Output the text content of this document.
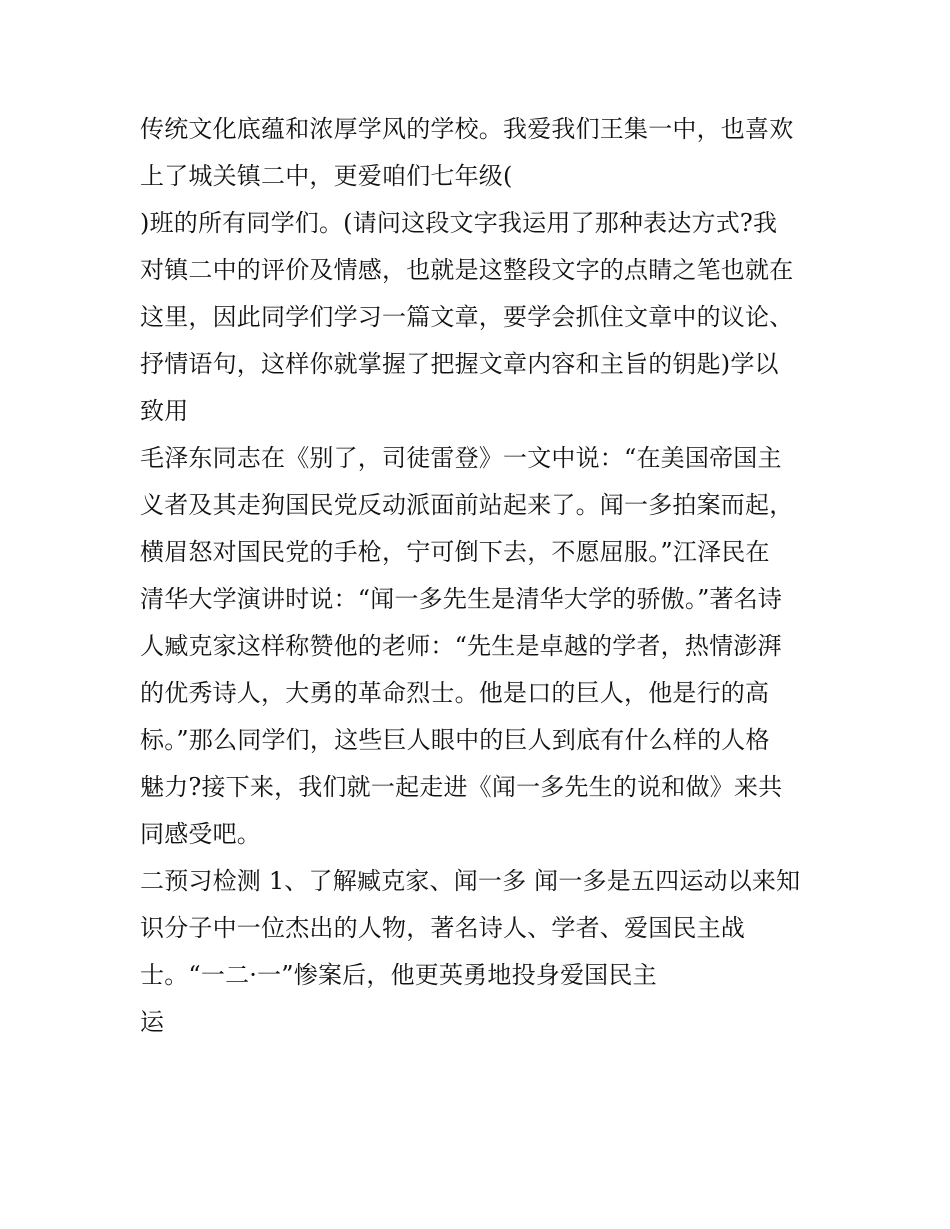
传统文化底蕴和浓厚学风的学校。我爱我们王集一中，也喜欢
上了城关镇二中，更爱咱们七年级(
)班的所有同学们。(请问这段文字我运用了那种表达方式?我
对镇二中的评价及情感，也就是这整段文字的点睛之笔也就在
这里，因此同学们学习一篇文章，要学会抓住文章中的议论、
抒情语句，这样你就掌握了把握文章内容和主旨的钥匙)学以
致用
毛泽东同志在《别了，司徒雷登》一文中说：“在美国帝国主
义者及其走狗国民党反动派面前站起来了。闻一多拍案而起，
横眉怒对国民党的手枪，宁可倒下去，不愿屈服。”江泽民在
清华大学演讲时说：“闻一多先生是清华大学的骄傲。”著名诗
人臧克家这样称赞他的老师：“先生是卓越的学者，热情澎湃
的优秀诗人，大勇的革命烈士。他是口的巨人，他是行的高
标。”那么同学们，这些巨人眼中的巨人到底有什么样的人格
魅力?接下来，我们就一起走进《闻一多先生的说和做》来共
同感受吧。
二预习检测 1、了解臧克家、闻一多 闻一多是五四运动以来知
识分子中一位杰出的人物，著名诗人、学者、爱国民主战
士。“一二·一”惨案后，他更英勇地投身爱国民主
运
